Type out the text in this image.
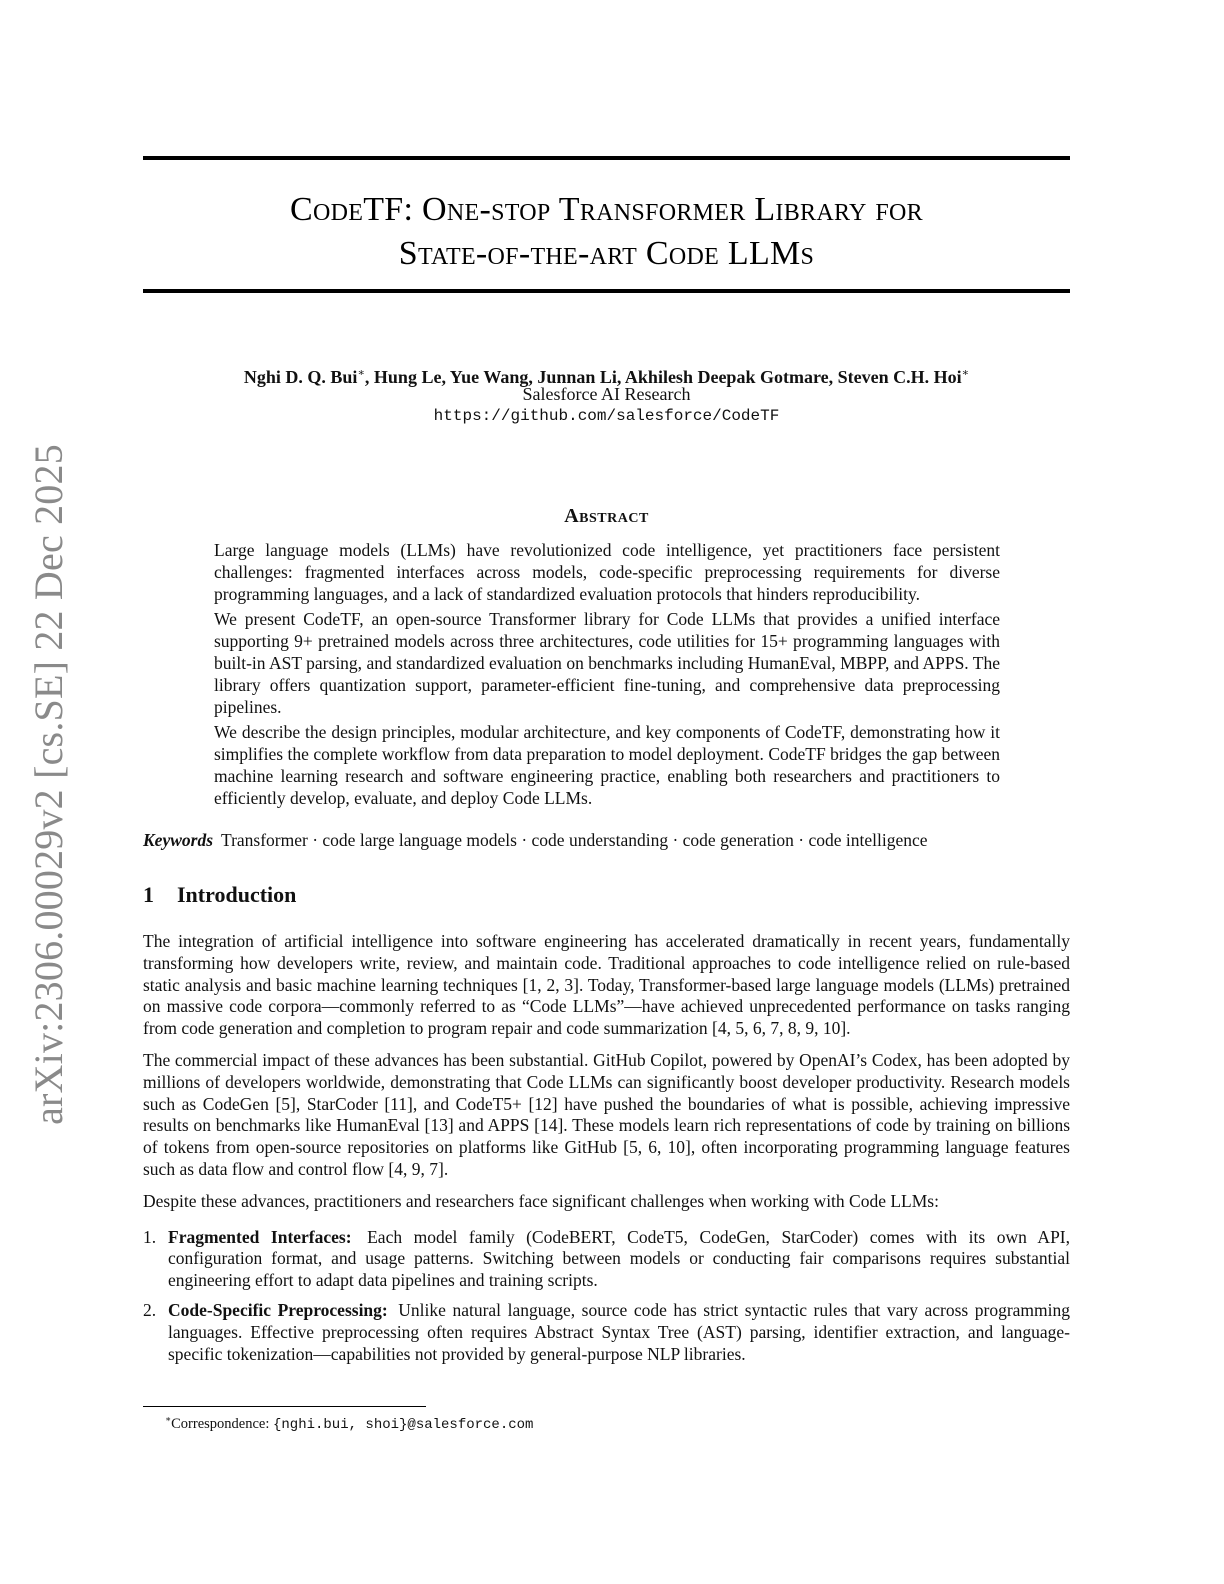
arXiv:2306.00029v2 [cs.SE] 22 Dec 2025
CodeTF: One-stop Transformer Library for
State-of-the-art Code LLMs
Nghi D. Q. Bui∗, Hung Le, Yue Wang, Junnan Li, Akhilesh Deepak Gotmare, Steven C.H. Hoi∗
Salesforce AI Research
https://github.com/salesforce/CodeTF
Abstract

Large language models (LLMs) have revolutionized code intelligence, yet practitioners face persistent challenges: fragmented interfaces across models, code-specific preprocessing requirements for diverse programming languages, and a lack of standardized evaluation protocols that hinders reproducibility.

We present CodeTF, an open-source Transformer library for Code LLMs that provides a unified interface supporting 9+ pretrained models across three architectures, code utilities for 15+ programming languages with built-in AST parsing, and standardized evaluation on benchmarks including HumanEval, MBPP, and APPS. The library offers quantization support, parameter-efficient fine-tuning, and comprehensive data preprocessing pipelines.

We describe the design principles, modular architecture, and key components of CodeTF, demonstrating how it simplifies the complete workflow from data preparation to model deployment. CodeTF bridges the gap between machine learning research and software engineering practice, enabling both researchers and practitioners to efficiently develop, evaluate, and deploy Code LLMs.

Keywords Transformer · code large language models · code understanding · code generation · code intelligence
1 Introduction

The integration of artificial intelligence into software engineering has accelerated dramatically in recent years, fundamentally transforming how developers write, review, and maintain code. Traditional approaches to code intelligence relied on rule-based static analysis and basic machine learning techniques [1, 2, 3]. Today, Transformer-based large language models (LLMs) pretrained on massive code corpora—commonly referred to as “Code LLMs”—have achieved unprecedented performance on tasks ranging from code generation and completion to program repair and code summarization [4, 5, 6, 7, 8, 9, 10].

The commercial impact of these advances has been substantial. GitHub Copilot, powered by OpenAI’s Codex, has been adopted by millions of developers worldwide, demonstrating that Code LLMs can significantly boost developer productivity. Research models such as CodeGen [5], StarCoder [11], and CodeT5+ [12] have pushed the boundaries of what is possible, achieving impressive results on benchmarks like HumanEval [13] and APPS [14]. These models learn rich representations of code by training on billions of tokens from open-source repositories on platforms like GitHub [5, 6, 10], often incorporating programming language features such as data flow and control flow [4, 9, 7].

Despite these advances, practitioners and researchers face significant challenges when working with Code LLMs:

1. Fragmented Interfaces: Each model family (CodeBERT, CodeT5, CodeGen, StarCoder) comes with its own API, configuration format, and usage patterns. Switching between models or conducting fair comparisons requires substantial engineering effort to adapt data pipelines and training scripts.
2. Code-Specific Preprocessing: Unlike natural language, source code has strict syntactic rules that vary across programming languages. Effective preprocessing often requires Abstract Syntax Tree (AST) parsing, identifier extraction, and language-specific tokenization—capabilities not provided by general-purpose NLP libraries.
∗Correspondence: {nghi.bui, shoi}@salesforce.com
